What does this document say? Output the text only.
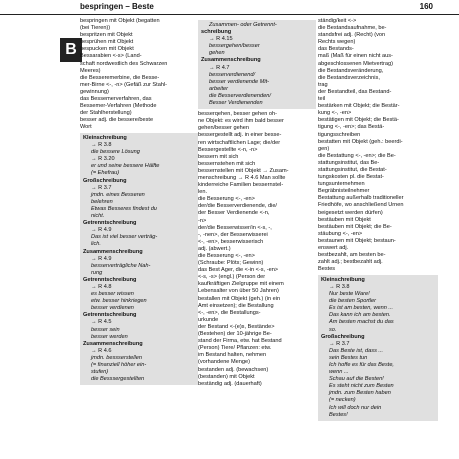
bespringen – Beste	160
B
bespringen mit Objekt (begatten
(bei Tieren))
bespritzen mit Objekt
besprühen mit Objekt
bespucken mit Objekt
Bessarabien <-s> (Land-
schaft nordwestlich des Schwarzen
Meeres)
die Besseremerbine, die Besse-
mer-Birne <-, -n> (Gefäß zur Stahl-
gewinnung)
das Bessemerverfahren, das
Bessemer-Verfahren (Methode
der Stahlherstellung)
besser adj. die bessere/beste
Wort
Kleinschreibung
→ R 3.8
die bessere Lösung
→ R 3.20
er und seine bessere Hälfte
(= Ehefrau)
Großschreibung
→ R 3.7
jmdn. eines Besseren
belehren
Etwas Besseres findest du
nicht.
Getrenntschreibung
→ R 4.9
Das ist viel besser verträg-
lich.
Zusammenschreibung
→ R 4.9
besserverträgliche Nah-
rung
Getrenntschreibung
→ R 4.8
es besser wissen
etw. besser hinkriegen
besser verdienen
Getrenntschreibung
→ R 4.5
besser sein
besser werden
Zusammenschreibung
→ R 4.6
jmdn. bessserstellen
(= finanziell höher ein-
stufen)
die Besssergestellten
Zusammen- oder Getrennt-
schreibung
→ R 4.15
bessergehen/besser
gehen
Zusammenschreibung
→ R 4.7
besserverdienend/
besser verdienende Mit-
arbeiter
die Besserverdienenden/
Besser Verdienenden
besserqehen, besser gehen oh-
ne Objekt: es wird ihm bald besser
gehen/besser gehen
bessergestellt adj. in einer besse-
ren wirtschaftlichen Lage; die/der
Bessergestellte <-n, -n>
bessern mit sich
bessernstehen mit sich
bessernstellen mit Objekt → Zusam-
menschreibung → R 4.6 Man sollte
kinderreiche Familien bessernstel-
len.
die Besserung <-, -en>
der/die Besserverdienende, die/
der Besser Verdienende <-n,
-n>
der/die Besserwisser/in <-s, -,
-, -nen>, der Besserwisserei
<-, -en>, besserwisserisch
adj. (abwert.)
die Besserung <-, -en>
(Schraube: Plöts; Gewinn)
das Best Ager, die <-in <-s, -en>
<-s, -s> (engl.) (Person der
kaufkräftigen Zielgruppe mit einem
Lebensalter von über 50 Jahren)
bestallen mit Objekt (geh.) (in ein
Amt einsetzen); die Bestallung
<-, -en>, die Bestallungs-
urkunde
der Bestand <-(e)s, Bestände>
(Bestehen) der 10-jährige Be-
stand der Firma, etw. hat Bestand
(Person) Tiere/ Pflanzen: etw.
im Bestand halten, nehmen
(vorhandene Menge)
bestanden adj. (bewachsen)
(bestanden) mit Objekt
beständig adj. (dauerhaft)
ständig/keit <->
die Bestandsaufnahme, be-
standsfrei adj. (Recht) (von
Rechts wegen)
das Bestands-
maß (Maß für einen nicht aus-
abgeschlossenen Mietvertrag)
die Bestandsveränderung,
die Bestandsverzeichnis,
trag
der Bestandteil, das Bestand-
teil
bestärken mit Objekt; die Bestär-
kung <-, -en>
bestätigen mit Objekt; die Bestä-
tigung <-, -en>; das Bestä-
tigungsschreiben
bestatten mit Objekt (geh.: beerdi-
gen)
die Bestattung <-, -en>; die Be-
stattungsinstitut, das Be-
stattungsinstitut, die Bestat-
tungskosten pl. die Bestat-
tungsunternehmen
Begräbnisteilnehmer
Bestattung außerhalb traditioneller
Friedhöfe, wo anschließend Urnen
beigesetzt werden dürfen)
bestäuben mit Objekt
bestäuben mit Objekt; die Be-
stäubung <-, -en>
bestaunen mit Objekt; bestaun-
enswert adj.
bestbezahlt, am besten be-
zahlt adj.; bestbezahlt adj.
Bestes
Kleinschreibung
→ R 3.8
Nur beste Ware!
die besten Sportler
Es ist am besten, wenn ...
Das kann ich am besten.
Am besten machst du das
so.
Großschreibung
→ R 3.7
Das Beste ist, dass ...
sein Bestes tun
Ich hoffe es für das Beste,
wenn ...
Schau auf die Besten!
Es steht nicht zum Besten
jmdn. zum Besten haben
(= necken)
Ich will doch nur dein
Bestes!
